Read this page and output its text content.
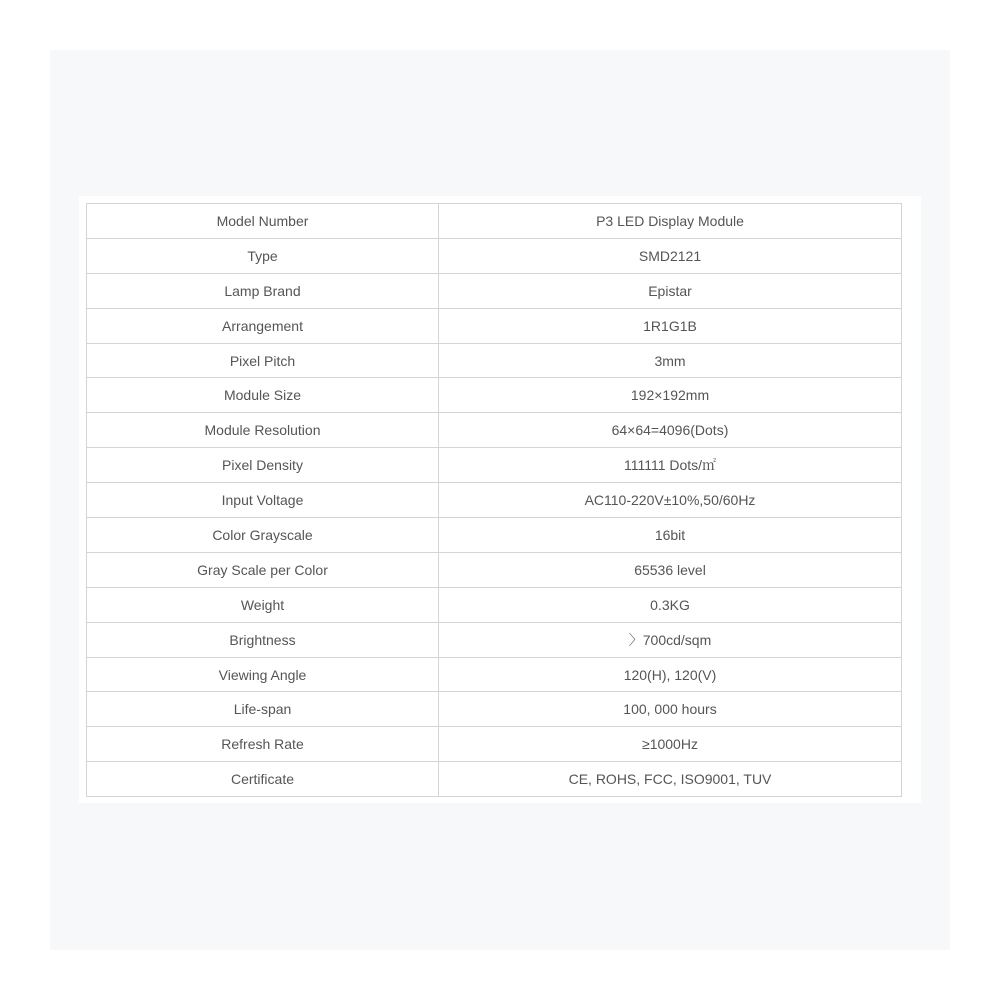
Model Number	P3 LED Display Module
Type	SMD2121
Lamp Brand	Epistar
Arrangement	1R1G1B
Pixel Pitch	3mm
Module Size	192×192mm
Module Resolution	64×64=4096(Dots)
Pixel Density	111111 Dots/㎡
Input Voltage	AC110-220V±10%,50/60Hz
Color Grayscale	16bit
Gray Scale per Color	65536 level
Weight	0.3KG
Brightness	〉700cd/sqm
Viewing Angle	120(H), 120(V)
Life-span	100, 000 hours
Refresh Rate	≥1000Hz
Certificate	CE, ROHS, FCC, ISO9001, TUV
